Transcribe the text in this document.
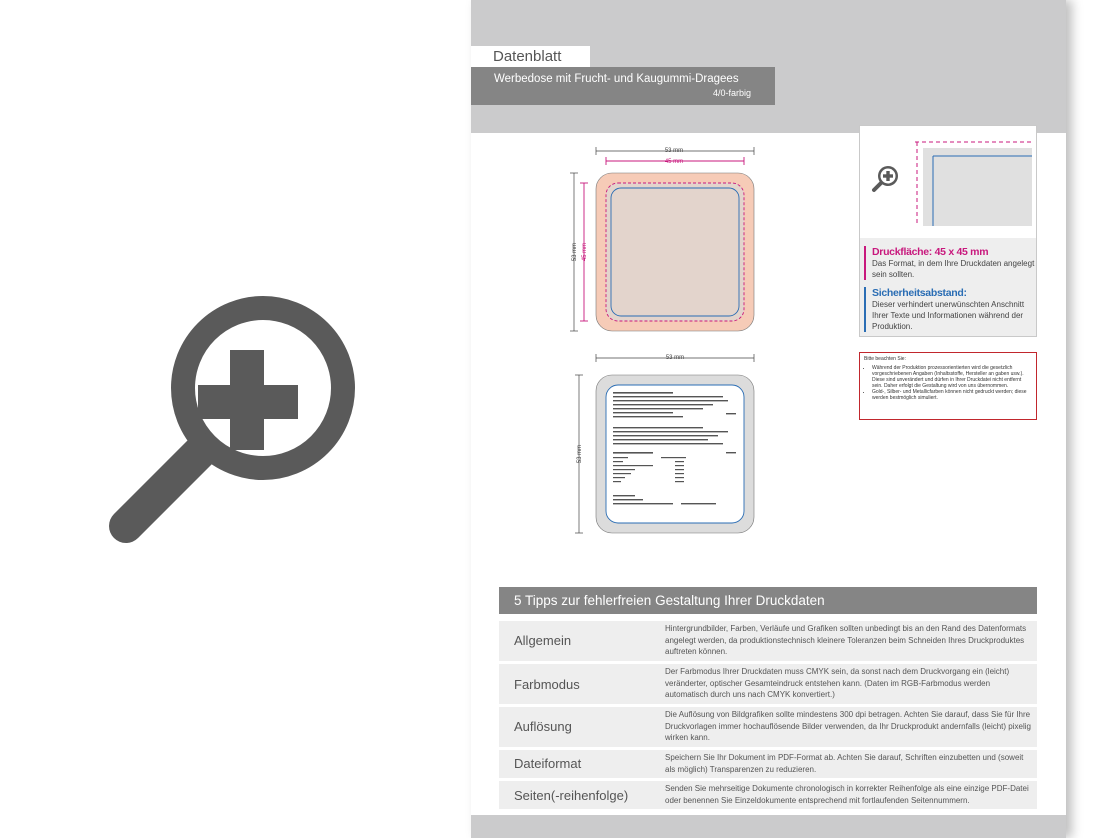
Datenblatt
Werbedose mit Frucht- und Kaugummi-Dragees
4/0-farbig
53 mm
45 mm
53 mm 45 mm
53 mm
53 mm
Druckfläche: 45 x 45 mm
Das Format, in dem Ihre Druckdaten angelegt sein sollten.
Sicherheitsabstand:
Dieser verhindert unerwünschten Anschnitt Ihrer Texte und Informationen während der Produktion.
Bitte beachten Sie:
• Während der Produktion prozessorientierten wird die gesetzlich vorgeschriebenen Angaben (Inhaltsstoffe, Hersteller an gaben usw.). Diese sind unverändert und dürfen in Ihrer Druckdatei nicht entfernt sein. Daher erfolgt die Gestaltung wird von uns übernommen.
• Gold-, Silber- und Metallicfarben können nicht gedruckt werden; diese werden bestmöglich simuliert.
5 Tipps zur fehlerfreien Gestaltung Ihrer Druckdaten
Allgemein
Hintergrundbilder, Farben, Verläufe und Grafiken sollten unbedingt bis an den Rand des Datenformats angelegt werden, da produktionstechnisch kleinere Toleranzen beim Schneiden Ihres Druckproduktes auftreten können.
Farbmodus
Der Farbmodus Ihrer Druckdaten muss CMYK sein, da sonst nach dem Druckvorgang ein (leicht) veränderter, optischer Gesamteindruck entstehen kann. (Daten im RGB-Farbmodus werden automatisch durch uns nach CMYK konvertiert.)
Auflösung
Die Auflösung von Bildgrafiken sollte mindestens 300 dpi betragen. Achten Sie darauf, dass Sie für Ihre Druckvorlagen immer hochauflösende Bilder verwenden, da Ihr Druckprodukt andernfalls (leicht) pixelig wirken kann.
Dateiformat	Speichern Sie Ihr Dokument im PDF-Format ab. Achten Sie darauf, Schriften einzubetten und (soweit als möglich) Transparenzen zu reduzieren.
Seiten(-reihenfolge)	Senden Sie mehrseitige Dokumente chronologisch in korrekter Reihenfolge als eine einzige PDF-Datei oder benennen Sie Einzeldokumente entsprechend mit fortlaufenden Seitennummern.
